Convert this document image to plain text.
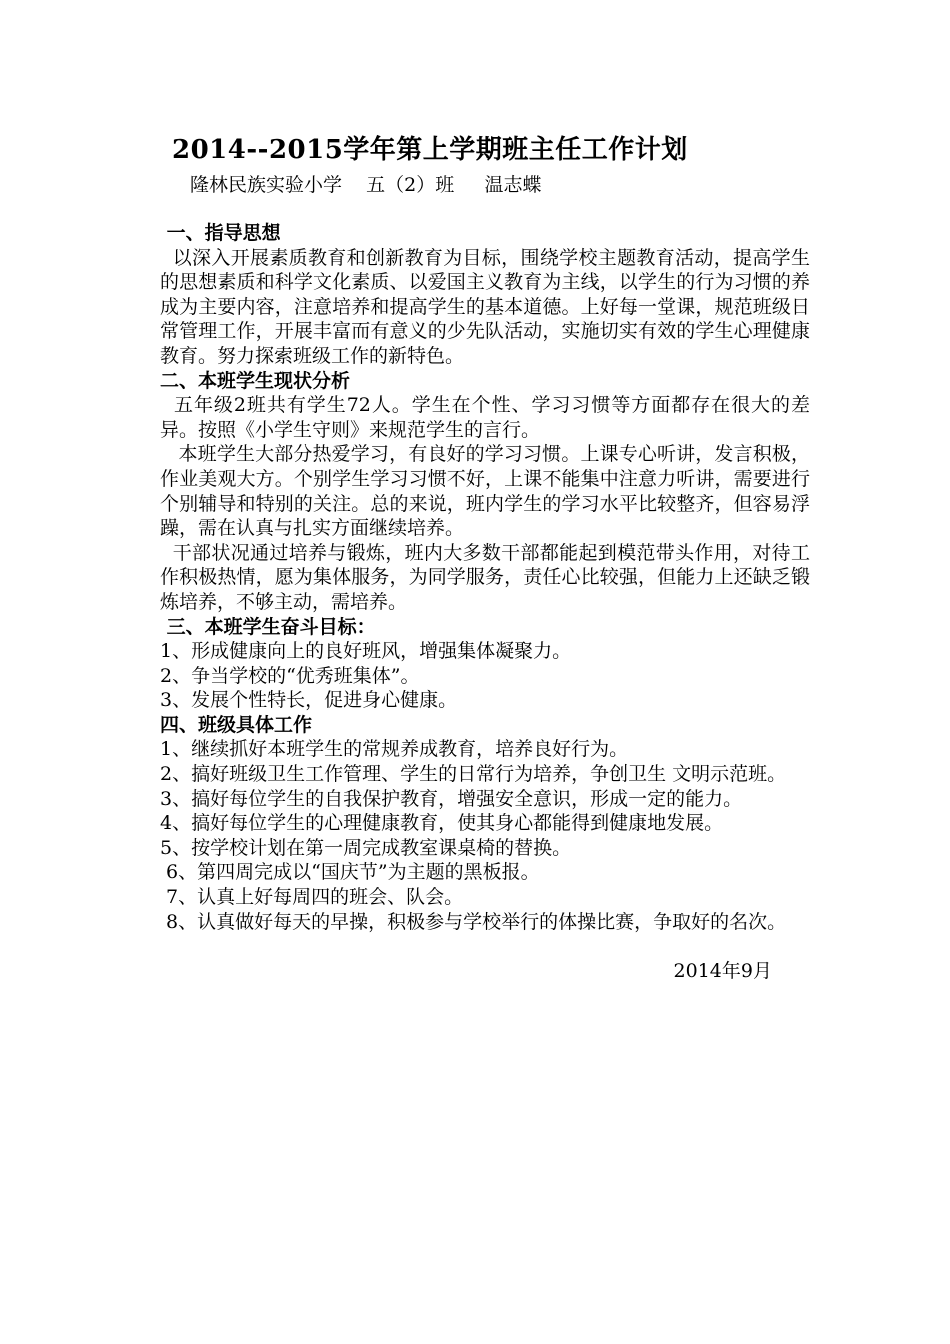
2014--2015学年第上学期班主任工作计划
隆林民族实验小学    五（2）班     温志蝶
一、指导思想
以深入开展素质教育和创新教育为目标，围绕学校主题教育活动，提高学生的思想素质和科学文化素质、以爱国主义教育为主线，以学生的行为习惯的养成为主要内容，注意培养和提高学生的基本道德。上好每一堂课，规范班级日常管理工作，开展丰富而有意义的少先队活动，实施切实有效的学生心理健康教育。努力探索班级工作的新特色。
二、本班学生现状分析
五年级2班共有学生72人。学生在个性、学习习惯等方面都存在很大的差异。按照《小学生守则》来规范学生的言行。
本班学生大部分热爱学习，有良好的学习习惯。上课专心听讲，发言积极，作业美观大方。个别学生学习习惯不好，上课不能集中注意力听讲，需要进行个别辅导和特别的关注。总的来说，班内学生的学习水平比较整齐，但容易浮躁，需在认真与扎实方面继续培养。
干部状况通过培养与锻炼，班内大多数干部都能起到模范带头作用，对待工作积极热情，愿为集体服务，为同学服务，责任心比较强，但能力上还缺乏锻炼培养，不够主动，需培养。
三、本班学生奋斗目标：
1、形成健康向上的良好班风，增强集体凝聚力。
2、争当学校的“优秀班集体”。
3、发展个性特长，促进身心健康。
四、班级具体工作
1、继续抓好本班学生的常规养成教育，培养良好行为。
2、搞好班级卫生工作管理、学生的日常行为培养，争创卫生 文明示范班。
3、搞好每位学生的自我保护教育，增强安全意识，形成一定的能力。
4、搞好每位学生的心理健康教育，使其身心都能得到健康地发展。
5、按学校计划在第一周完成教室课桌椅的替换。
6、第四周完成以“国庆节”为主题的黑板报。
7、认真上好每周四的班会、队会。
8、认真做好每天的早操，积极参与学校举行的体操比赛，争取好的名次。
2014年9月
